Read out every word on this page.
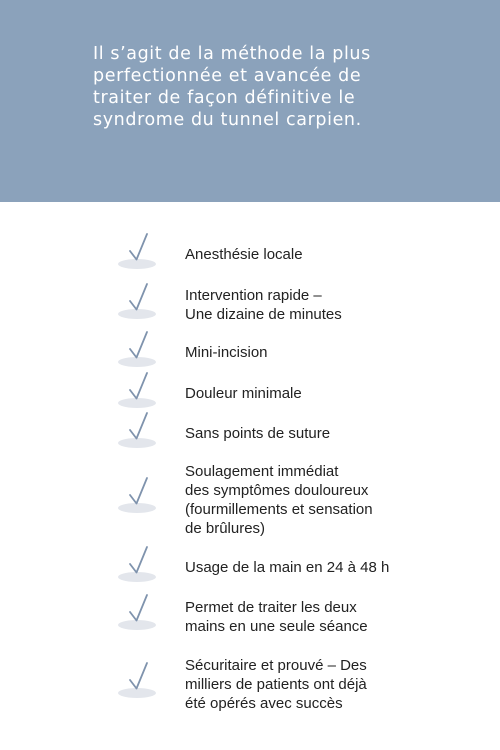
Il s’agit de la méthode la plus perfectionnée et avancée de traiter de façon définitive le syndrome du tunnel carpien.

Anesthésie locale
Intervention rapide –
Une dizaine de minutes
Mini-incision
Douleur minimale
Sans points de suture
Soulagement immédiat
des symptômes douloureux
(fourmillements et sensation
de brûlures)
Usage de la main en 24 à 48 h
Permet de traiter les deux
mains en une seule séance
Sécuritaire et prouvé – Des
milliers de patients ont déjà
été opérés avec succès
